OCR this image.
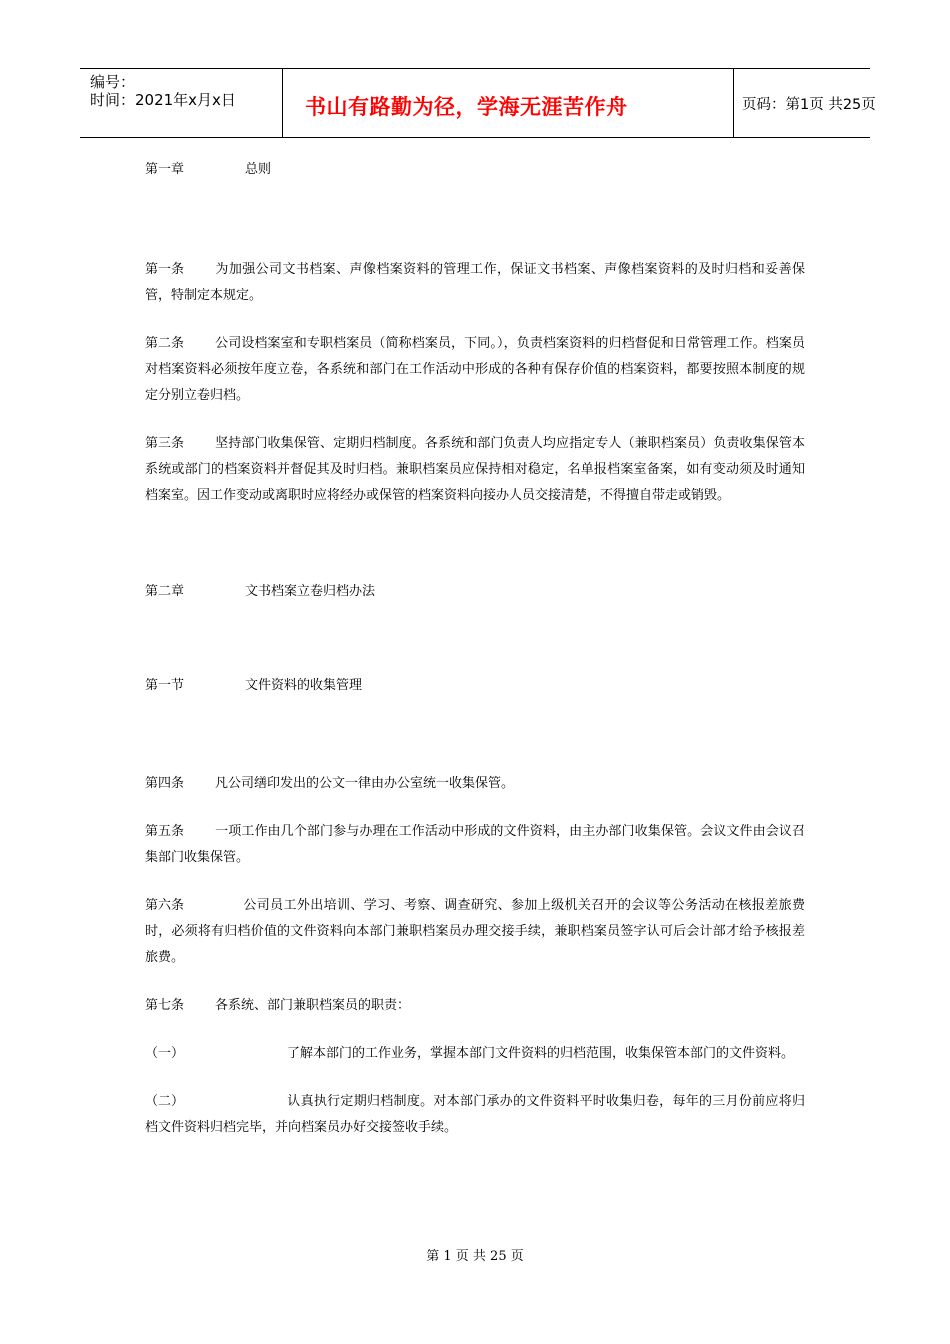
编号：
时间：2021年x月x日	书山有路勤为径，学海无涯苦作舟	页码：第1页 共25页
第一章	总则

第一条 为加强公司文书档案、声像档案资料的管理工作，保证文书档案、声像档案资料的及时归档和妥善保管，特制定本规定。

第二条 公司设档案室和专职档案员（简称档案员，下同。），负责档案资料的归档督促和日常管理工作。档案员对档案资料必须按年度立卷，各系统和部门在工作活动中形成的各种有保存价值的档案资料，都要按照本制度的规定分别立卷归档。

第三条 坚持部门收集保管、定期归档制度。各系统和部门负责人均应指定专人（兼职档案员）负责收集保管本系统或部门的档案资料并督促其及时归档。兼职档案员应保持相对稳定，名单报档案室备案，如有变动须及时通知档案室。因工作变动或离职时应将经办或保管的档案资料向接办人员交接清楚，不得擅自带走或销毁。

第二章	文书档案立卷归档办法
第一节	文件资料的收集管理

第四条 凡公司缮印发出的公文一律由办公室统一收集保管。

第五条 一项工作由几个部门参与办理在工作活动中形成的文件资料，由主办部门收集保管。会议文件由会议召集部门收集保管。

第六条	公司员工外出培训、学习、考察、调查研究、参加上级机关召开的会议等公务活动在核报差旅费时，必须将有归档价值的文件资料向本部门兼职档案员办理交接手续，兼职档案员签字认可后会计部才给予核报差旅费。

第七条 各系统、部门兼职档案员的职责：

（一）	了解本部门的工作业务，掌握本部门文件资料的归档范围，收集保管本部门的文件资料。

（二）	认真执行定期归档制度。对本部门承办的文件资料平时收集归卷，每年的三月份前应将归档文件资料归档完毕，并向档案员办好交接签收手续。

第 1 页 共 25 页
